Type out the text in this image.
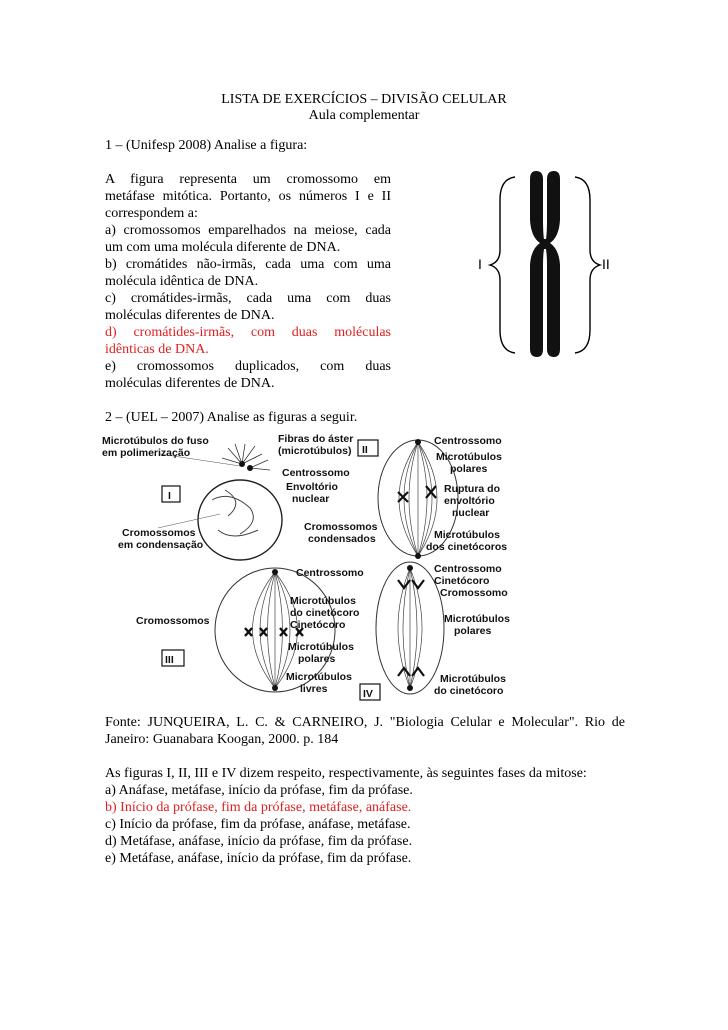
LISTA DE EXERCÍCIOS – DIVISÃO CELULAR
Aula complementar
1 – (Unifesp 2008) Analise a figura:
A figura representa um cromossomo em
metáfase mitótica. Portanto, os números I e II
correspondem a:
a) cromossomos emparelhados na meiose, cada
um com uma molécula diferente de DNA.
b) cromátides não-irmãs, cada uma com uma
molécula idêntica de DNA.
c) cromátides-irmãs, cada uma com duas
moléculas diferentes de DNA.
d) cromátides-irmãs, com duas moléculas
idênticas de DNA.
e) cromossomos duplicados, com duas
moléculas diferentes de DNA.
I	II
2 – (UEL – 2007) Analise as figuras a seguir.
Microtúbulos do fuso
em polimerização
Fibras do áster
(microtúbulos)
Centrossomo
Envoltório
nuclear
I
Cromossomos
em condensação
II
Centrossomo
Microtúbulos
polares
Ruptura do
envoltório
nuclear
Cromossomos
condensados	Microtúbulos
dos cinetócoros
Centrossomo
Cromossomos
Microtúbulos
do cinetócoro
Cinetócoro
Microtúbulos
polares
Microtúbulos
livres
III
Centrossomo
Cinetócoro
Cromossomo
Microtúbulos
polares
Microtúbulos
do cinetócoro
IV
Fonte: JUNQUEIRA, L. C. & CARNEIRO, J. "Biologia Celular e Molecular". Rio de
Janeiro: Guanabara Koogan, 2000. p. 184
As figuras I, II, III e IV dizem respeito, respectivamente, às seguintes fases da mitose:
a) Anáfase, metáfase, início da prófase, fim da prófase.
b) Início da prófase, fim da prófase, metáfase, anáfase.
c) Início da prófase, fim da prófase, anáfase, metáfase.
d) Metáfase, anáfase, início da prófase, fim da prófase.
e) Metáfase, anáfase, início da prófase, fim da prófase.
